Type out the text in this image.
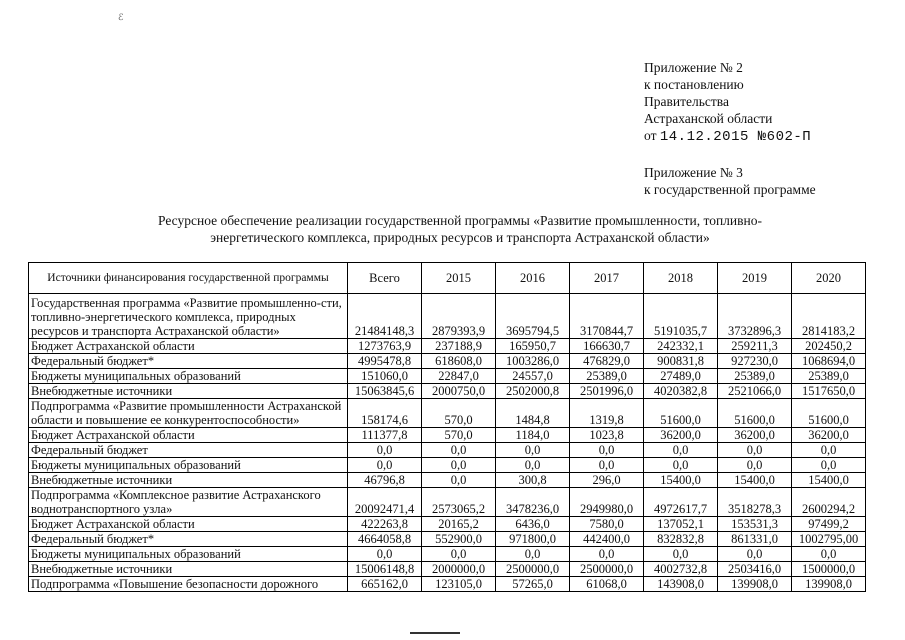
ℰ
Приложение № 2
к постановлению
Правительства
Астраханской области
от 14.12.2015 №602-П
Приложение № 3
к государственной программе
Ресурсное обеспечение реализации государственной программы «Развитие промышленности, топливно-
энергетического комплекса, природных ресурсов и транспорта Астраханской области»
Источники финансирования государственной программы	Всего	2015	2016	2017	2018	2019	2020
Государственная программа «Развитие промышленно-сти, топливно-энергетического комплекса, природных ресурсов и транспорта Астраханской области»	21484148,3	2879393,9	3695794,5	3170844,7	5191035,7	3732896,3	2814183,2
Бюджет Астраханской области	1273763,9	237188,9	165950,7	166630,7	242332,1	259211,3	202450,2
Федеральный бюджет*	4995478,8	618608,0	1003286,0	476829,0	900831,8	927230,0	1068694,0
Бюджеты муниципальных образований	151060,0	22847,0	24557,0	25389,0	27489,0	25389,0	25389,0
Внебюджетные источники	15063845,6	2000750,0	2502000,8	2501996,0	4020382,8	2521066,0	1517650,0
Подпрограмма «Развитие промышленности Астраханской области и повышение ее конкурентоспособности»	158174,6	570,0	1484,8	1319,8	51600,0	51600,0	51600,0
Бюджет Астраханской области	111377,8	570,0	1184,0	1023,8	36200,0	36200,0	36200,0
Федеральный бюджет	0,0	0,0	0,0	0,0	0,0	0,0	0,0
Бюджеты муниципальных образований	0,0	0,0	0,0	0,0	0,0	0,0	0,0
Внебюджетные источники	46796,8	0,0	300,8	296,0	15400,0	15400,0	15400,0
Подпрограмма «Комплексное развитие Астраханского воднотранспортного узла»	20092471,4	2573065,2	3478236,0	2949980,0	4972617,7	3518278,3	2600294,2
Бюджет Астраханской области	422263,8	20165,2	6436,0	7580,0	137052,1	153531,3	97499,2
Федеральный бюджет*	4664058,8	552900,0	971800,0	442400,0	832832,8	861331,0	1002795,00
Бюджеты муниципальных образований	0,0	0,0	0,0	0,0	0,0	0,0	0,0
Внебюджетные источники	15006148,8	2000000,0	2500000,0	2500000,0	4002732,8	2503416,0	1500000,0
Подпрограмма «Повышение безопасности дорожного	665162,0	123105,0	57265,0	61068,0	143908,0	139908,0	139908,0
